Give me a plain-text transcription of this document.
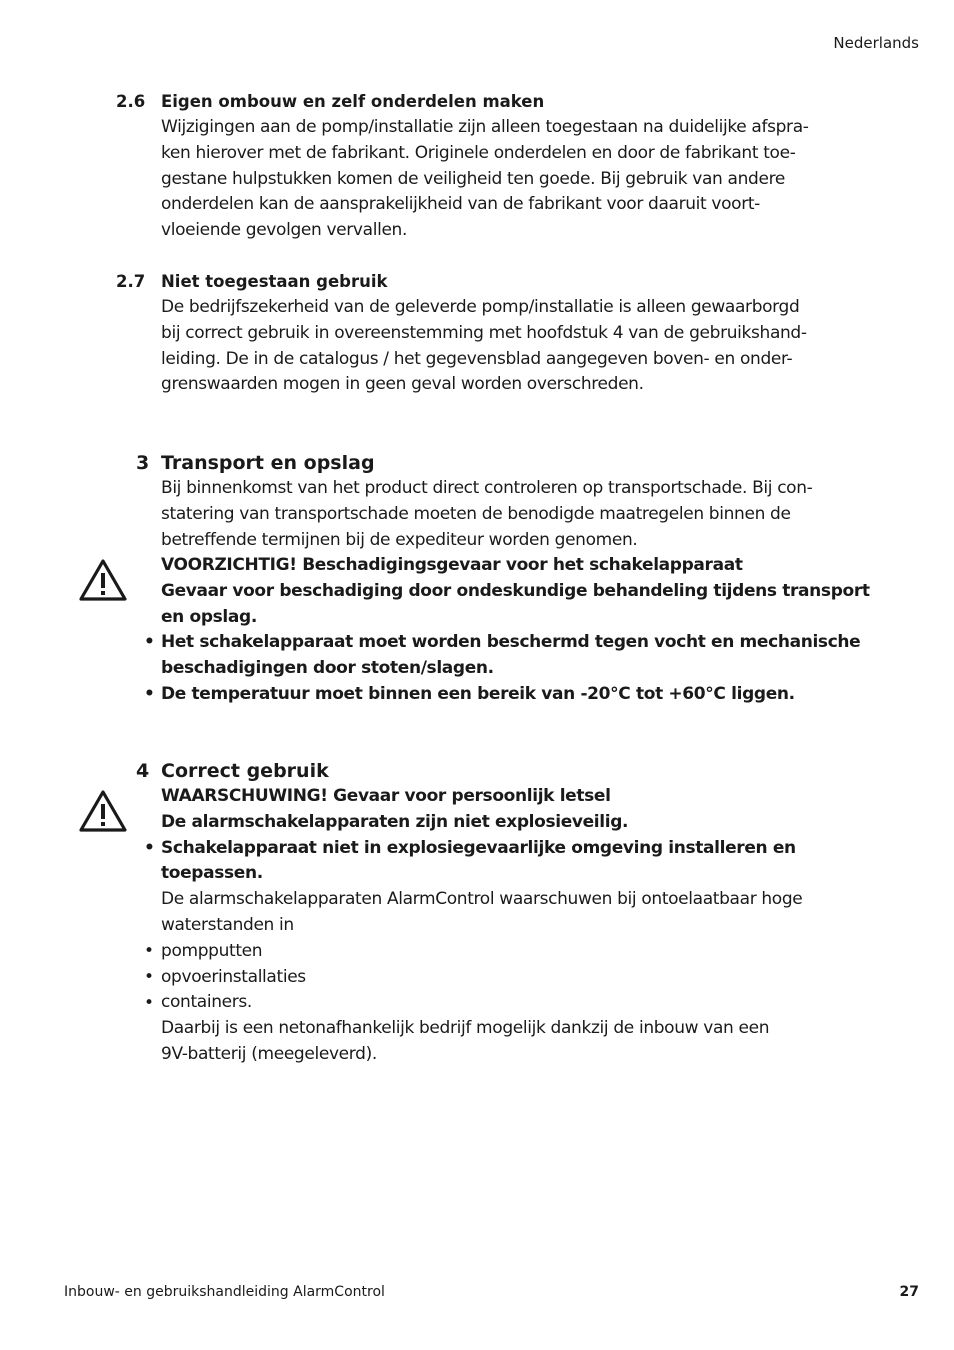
Nederlands
2.6 Eigen ombouw en zelf onderdelen maken
Wijzigingen aan de pomp/installatie zijn alleen toegestaan na duidelijke afspra-
ken hierover met de fabrikant. Originele onderdelen en door de fabrikant toe-
gestane hulpstukken komen de veiligheid ten goede. Bij gebruik van andere
onderdelen kan de aansprakelijkheid van de fabrikant voor daaruit voort-
vloeiende gevolgen vervallen.
2.7 Niet toegestaan gebruik
De bedrijfszekerheid van de geleverde pomp/installatie is alleen gewaarborgd
bij correct gebruik in overeenstemming met hoofdstuk 4 van de gebruikshand-
leiding. De in de catalogus / het gegevensblad aangegeven boven- en onder-
grenswaarden mogen in geen geval worden overschreden.
3 Transport en opslag
Bij binnenkomst van het product direct controleren op transportschade. Bij con-
statering van transportschade moeten de benodigde maatregelen binnen de
betreffende termijnen bij de expediteur worden genomen.
VOORZICHTIG! Beschadigingsgevaar voor het schakelapparaat
Gevaar voor beschadiging door ondeskundige behandeling tijdens transport
en opslag.
Het schakelapparaat moet worden beschermd tegen vocht en mechanische
beschadigingen door stoten/slagen.
De temperatuur moet binnen een bereik van -20°C tot +60°C liggen.
•
•
4 Correct gebruik
WAARSCHUWING! Gevaar voor persoonlijk letsel
De alarmschakelapparaten zijn niet explosieveilig.
Schakelapparaat niet in explosiegevaarlijke omgeving installeren en
toepassen.
De alarmschakelapparaten AlarmControl waarschuwen bij ontoelaatbaar hoge
waterstanden in
pompputten
opvoerinstallaties
containers.
Daarbij is een netonafhankelijk bedrijf mogelijk dankzij de inbouw van een
9V-batterij (meegeleverd).
•
•
•
•
Inbouw- en gebruikshandleiding AlarmControl	27
